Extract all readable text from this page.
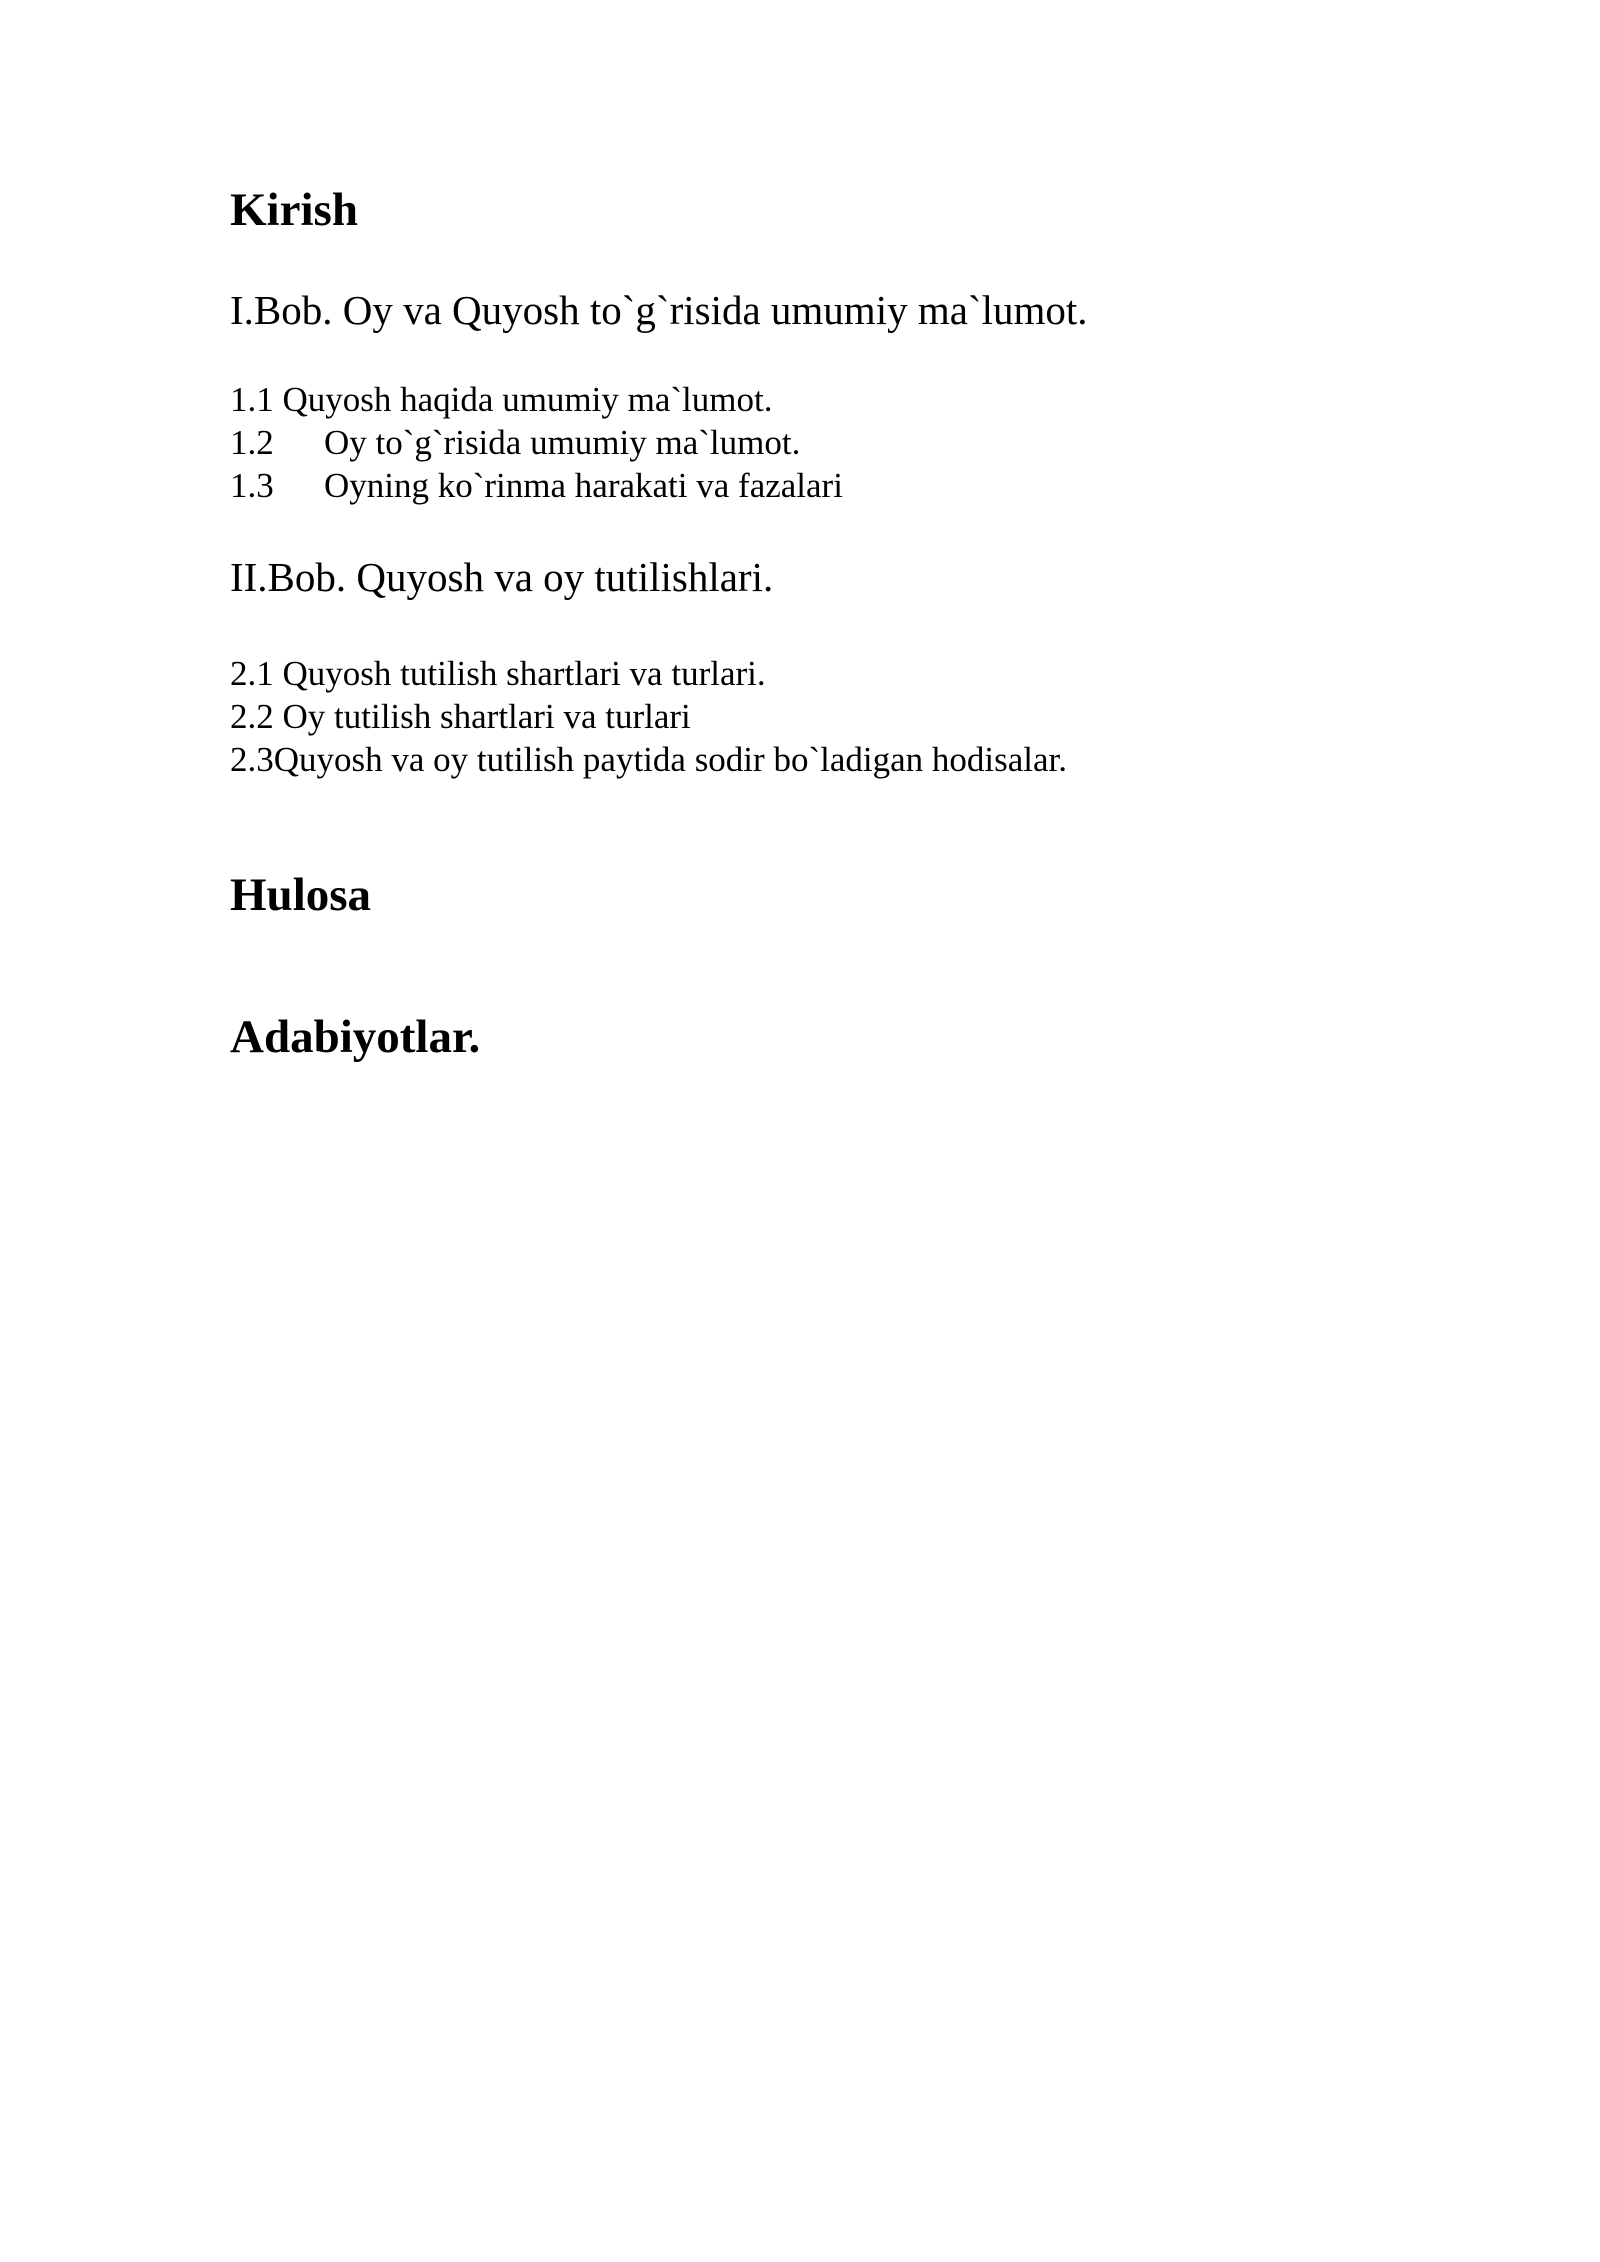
Kirish
I.Bob. Oy va Quyosh to`g`risida umumiy ma`lumot.
1.1 Quyosh haqida umumiy ma`lumot.
1.2 Oy to`g`risida umumiy ma`lumot.
1.3 Oyning ko`rinma harakati va fazalari
II.Bob. Quyosh va oy tutilishlari.
2.1 Quyosh tutilish shartlari va turlari.
2.2 Oy tutilish shartlari va turlari
2.3Quyosh va oy tutilish paytida sodir bo`ladigan hodisalar.
Hulosa
Adabiyotlar.
